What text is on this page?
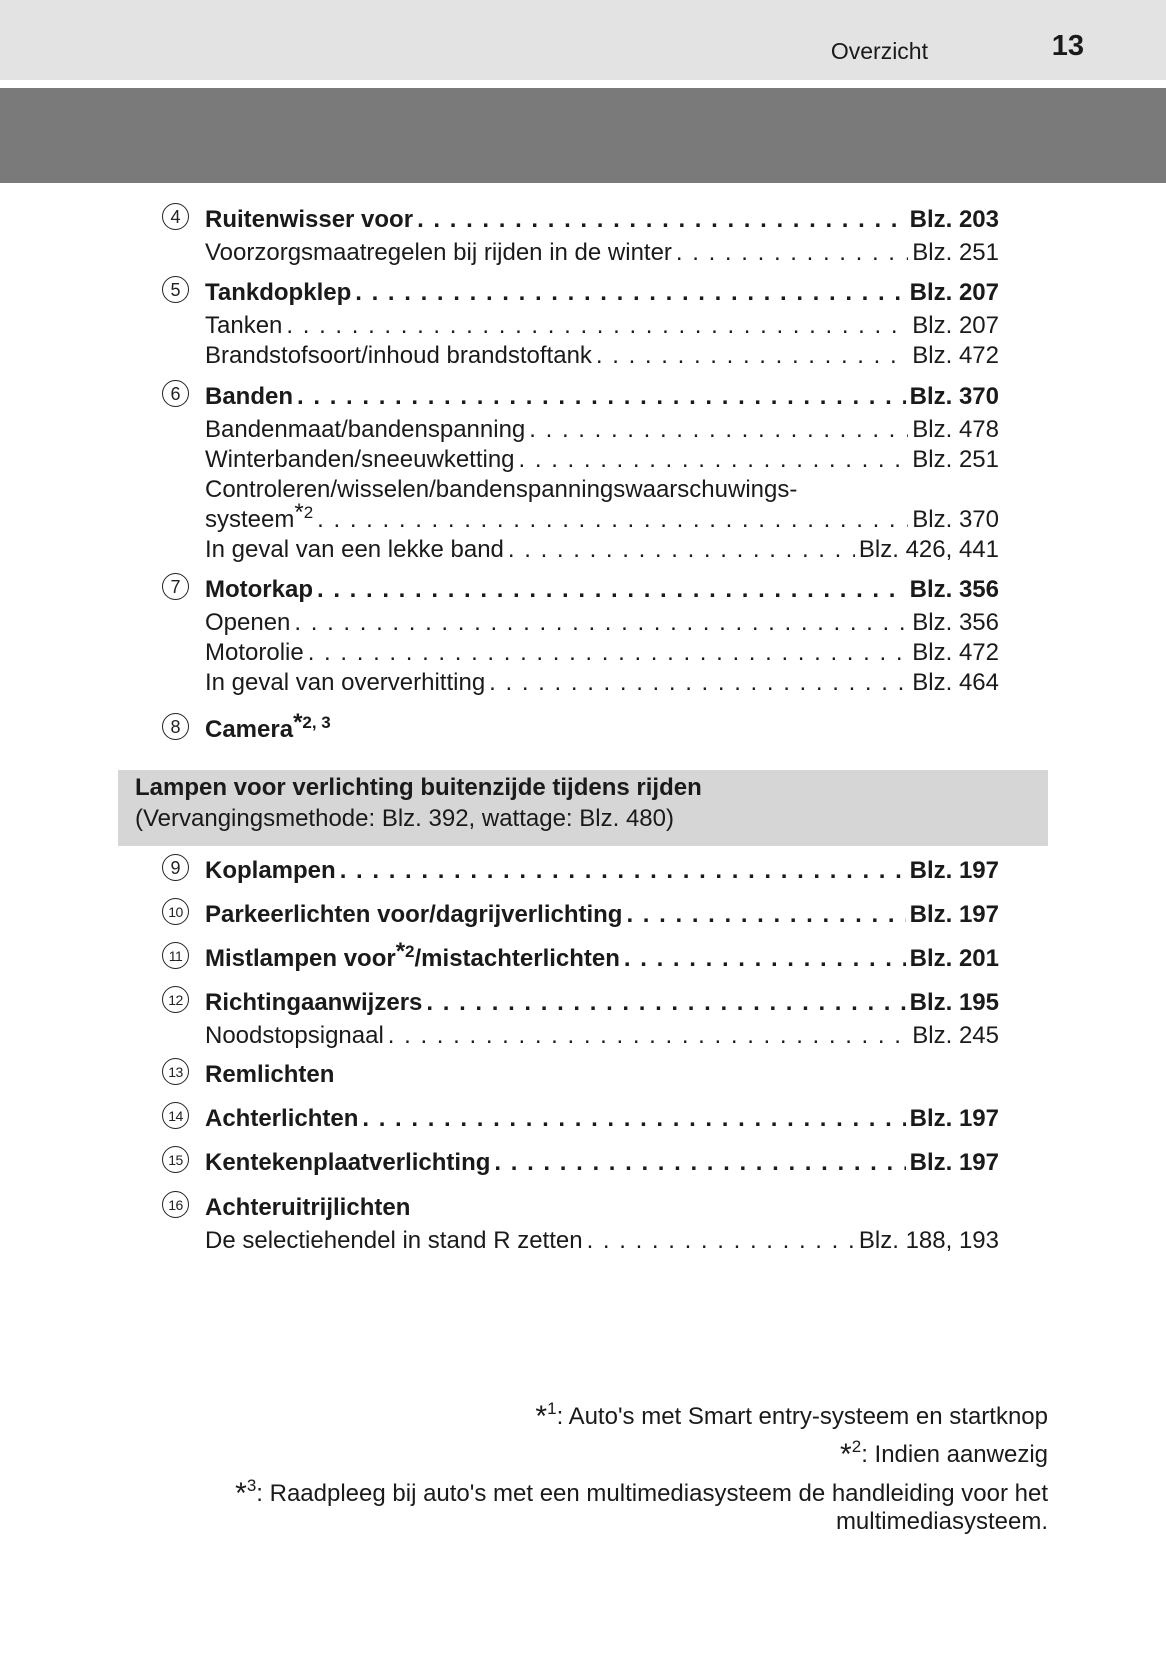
Overzicht	13
4	Ruitenwisser voor . . .	Blz. 203
Voorzorgsmaatregelen bij rijden in de winter . . .	Blz. 251
5	Tankdopklep . . .	Blz. 207
Tanken . . .	Blz. 207
Brandstofsoort/inhoud brandstoftank . . .	Blz. 472
6	Banden . . .	Blz. 370
Bandenmaat/bandenspanning . . .	Blz. 478
Winterbanden/sneeuwketting . . .	Blz. 251
Controleren/wisselen/bandenspanningswaarschuwings-
systeem$^{*2}$ . . .	Blz. 370
In geval van een lekke band . . .	Blz. 426, 441
7	Motorkap . . .	Blz. 356
Openen . . .	Blz. 356
Motorolie . . .	Blz. 472
In geval van oververhitting . . .	Blz. 464
8	Camera$^{*2, 3}$
Lampen voor verlichting buitenzijde tijdens rijden
(Vervangingsmethode: Blz. 392, wattage: Blz. 480)
9	Koplampen . . .	Blz. 197
10 Parkeerlichten voor/dagrijverlichting . . .	Blz. 197
11 Mistlampen voor$^{*2}$/mistachterlichten . . .	Blz. 201
12 Richtingaanwijzers . . .	Blz. 195
Noodstopsignaal . . .	Blz. 245
13 Remlichten
14 Achterlichten . . .	Blz. 197
15 Kentekenplaatverlichting . . .	Blz. 197
16 Achteruitrijlichten
De selectiehendel in stand R zetten . . .	Blz. 188, 193
*$^1$: Auto's met Smart entry-systeem en startknop
*$^2$: Indien aanwezig
*$^3$: Raadpleeg bij auto's met een multimediasysteem de handleiding voor het
multimediasysteem.
